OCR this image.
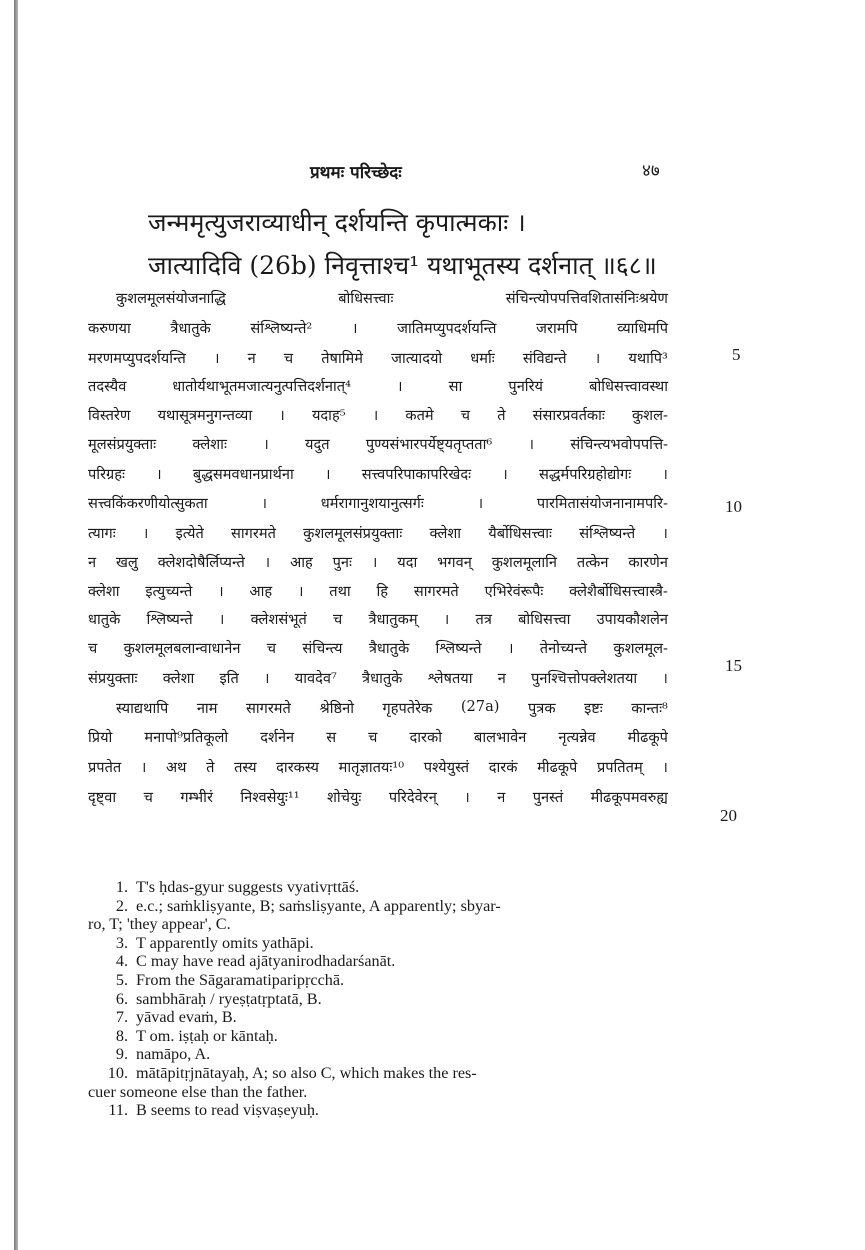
प्रथमः परिच्छेदः	४७
जन्ममृत्युजराव्याधीन् दर्शयन्ति कृपात्मकाः ।
जात्यादिवि (26b) निवृत्ताश्च¹ यथाभूतस्य दर्शनात् ॥६८॥
कुशलमूलसंयोजनाद्धि	बोधिसत्त्वाः	संचिन्त्योपपत्तिवशितासंनिःश्रयेण
करुणया	त्रैधातुके	संश्लिष्यन्ते²	।	जातिमप्युपदर्शयन्ति	जरामपि	व्याधिमपि
मरणमप्युपदर्शयन्ति । न च तेषामिमे जात्यादयो धर्माः संविद्यन्ते । यथापि³
तदस्यैव	धातोर्यथाभूतमजात्यनुत्पत्तिदर्शनात्⁴	।	सा	पुनरियं	बोधिसत्त्वावस्था
विस्तरेण यथासूत्रमनुगन्तव्या । यदाह⁵ । कतमे च ते संसारप्रवर्तकाः कुशल-
मूलसंप्रयुक्ताः क्लेशाः । यदुत पुण्यसंभारपर्येष्ट्यतृप्तता⁶ । संचिन्त्यभवोपपत्ति-
परिग्रहः । बुद्धसमवधानप्रार्थना । सत्त्वपरिपाकापरिखेदः । सद्धर्मपरिग्रहोद्योगः ।
सत्त्वकिंकरणीयोत्सुकता	।	धर्मरागानुशयानुत्सर्गः	।	पारमितासंयोजनानामपरि-
त्यागः । इत्येते सागरमते कुशलमूलसंप्रयुक्ताः क्लेशा यैर्बोधिसत्त्वाः संश्लिष्यन्ते ।
न खलु क्लेशदोषैर्लिप्यन्ते । आह पुनः । यदा भगवन् कुशलमूलानि तत्केन कारणेन
क्लेशा इत्युच्यन्ते । आह । तथा हि सागरमते एभिरेवंरूपैः क्लेशैर्बोधिसत्त्वास्त्रै-
धातुके श्लिष्यन्ते । क्लेशसंभूतं च त्रैधातुकम् । तत्र बोधिसत्त्वा उपायकौशलेन
च कुशलमूलबलान्वाधानेन च संचिन्त्य त्रैधातुके श्लिष्यन्ते । तेनोच्यन्ते कुशलमूल-
संप्रयुक्ताः क्लेशा इति । यावदेव⁷ त्रैधातुके श्लेषतया न पुनश्चित्तोपक्लेशतया ।
स्याद्यथापि नाम सागरमते श्रेष्ठिनो गृहपतेरेक (27a) पुत्रक इष्टः कान्तः⁸
प्रियो मनापो⁹प्रतिकूलो दर्शनेन स च दारको बालभावेन नृत्यन्नेव मीढकूपे
प्रपतेत । अथ ते तस्य दारकस्य मातृज्ञातयः¹⁰ पश्येयुस्तं दारकं मीढकूपे प्रपतितम् ।
दृष्ट्वा च गम्भीरं निश्वसेयुः¹¹ शोचेयुः परिदेवेरन् । न पुनस्तं मीढकूपमवरुह्य
5
10
15
20

1. T's ḥdas-gyur suggests vyativṛttāś.

2. e.c.; saṁkliṣyante, B; saṁsliṣyante, A apparently; sbyar-

ro, T; 'they appear', C.

3. T apparently omits yathāpi.

4. C may have read ajātyanirodhadarśanāt.

5. From the Sāgaramatiparipṛcchā.

6. sambhāraḥ / ryeṣṭatṛptatā, B.

7. yāvad evaṁ, B.

8. T om. iṣṭaḥ or kāntaḥ.

9. namāpo, A.

10. mātāpitṛjnātayaḥ, A; so also C, which makes the res-

cuer someone else than the father.

11. B seems to read viṣvaṣeyuḥ.
